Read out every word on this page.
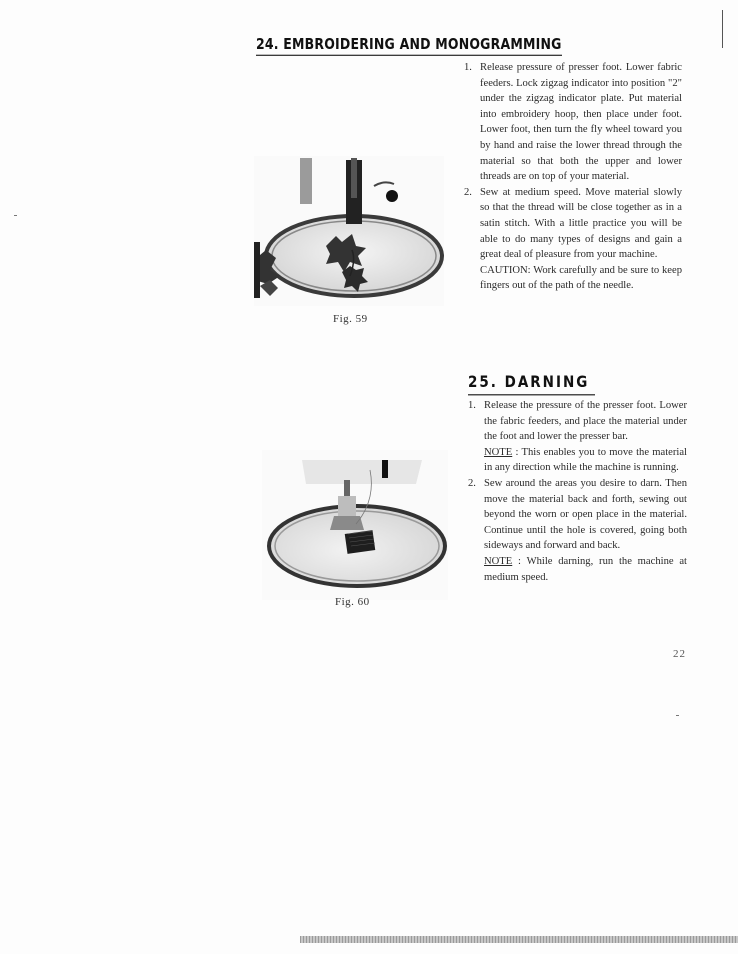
24. EMBROIDERING AND MONOGRAMMING
1. Release pressure of presser foot. Lower fabric feeders. Lock zigzag indicator into position "2" under the zigzag indicator plate. Put material into embroidery hoop, then place under foot. Lower foot, then turn the fly wheel toward you by hand and raise the lower thread through the material so that both the upper and lower threads are on top of your material.

2. Sew at medium speed. Move material slowly so that the thread will be close together as in a satin stitch. With a little practice you will be able to do many types of designs and gain a great deal of pleasure from your machine.

CAUTION: Work carefully and be sure to keep fingers out of the path of the needle.

Fig. 59
25. DARNING
1. Release the pressure of the presser foot. Lower the fabric feeders, and place the material under the foot and lower the presser bar.

NOTE : This enables you to move the material in any direction while the machine is running.

2. Sew around the areas you desire to darn. Then move the material back and forth, sewing out beyond the worn or open place in the material. Continue until the hole is covered, going both sideways and forward and back.

NOTE : While darning, run the machine at medium speed.

Fig. 60
22
